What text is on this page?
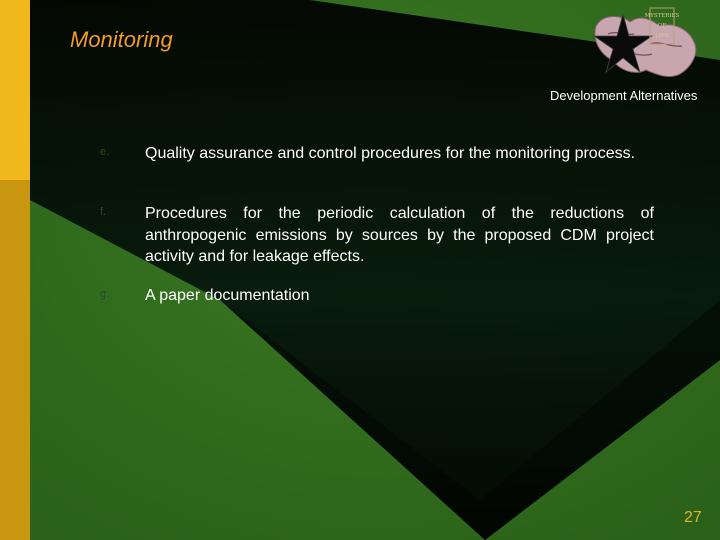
Monitoring
MYSTERIES
OF
LIFE
Development Alternatives
e. Quality assurance and control procedures for the monitoring process.
f. Procedures for the periodic calculation of the reductions of anthropogenic emissions by sources by the proposed CDM project activity and for leakage effects.
g. A paper documentation
27
